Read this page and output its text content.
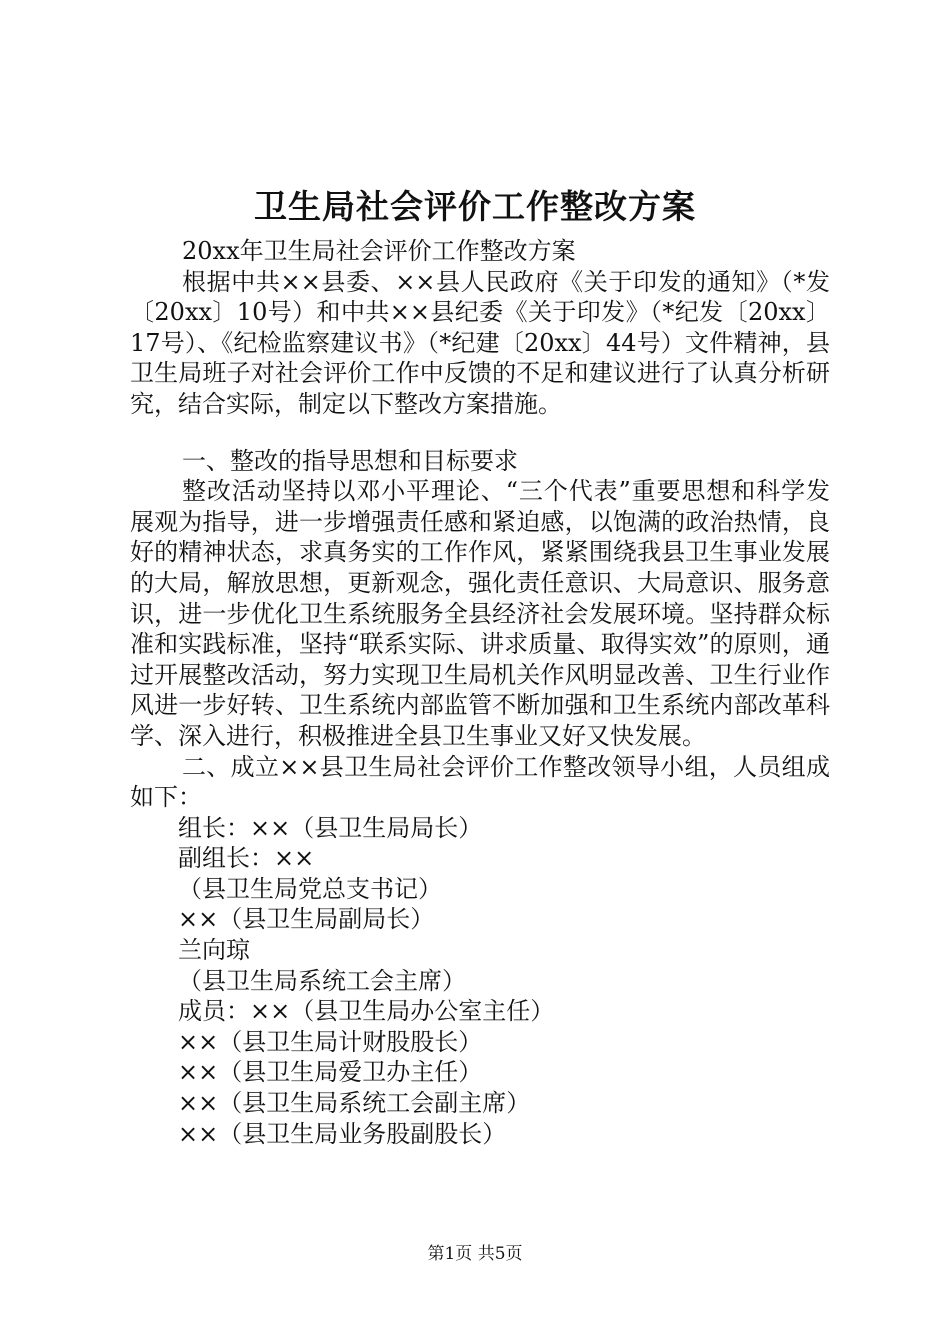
卫生局社会评价工作整改方案

20xx年卫生局社会评价工作整改方案

根据中共××县委、××县人民政府《关于印发的通知》（*发〔20xx〕10号）和中共××县纪委《关于印发》（*纪发〔20xx〕17号）、《纪检监察建议书》（*纪建〔20xx〕44号）文件精神，县卫生局班子对社会评价工作中反馈的不足和建议进行了认真分析研究，结合实际，制定以下整改方案措施。

一、整改的指导思想和目标要求

整改活动坚持以邓小平理论、“三个代表”重要思想和科学发展观为指导，进一步增强责任感和紧迫感，以饱满的政治热情，良好的精神状态，求真务实的工作作风，紧紧围绕我县卫生事业发展的大局，解放思想，更新观念，强化责任意识、大局意识、服务意识，进一步优化卫生系统服务全县经济社会发展环境。坚持群众标准和实践标准，坚持“联系实际、讲求质量、取得实效”的原则，通过开展整改活动，努力实现卫生局机关作风明显改善、卫生行业作风进一步好转、卫生系统内部监管不断加强和卫生系统内部改革科学、深入进行，积极推进全县卫生事业又好又快发展。

二、成立××县卫生局社会评价工作整改领导小组，人员组成如下：

组长：××（县卫生局局长）

副组长：××

（县卫生局党总支书记）

××（县卫生局副局长）

兰向琼

（县卫生局系统工会主席）

成员：××（县卫生局办公室主任）

××（县卫生局计财股股长）

××（县卫生局爱卫办主任）

××（县卫生局系统工会副主席）

××（县卫生局业务股副股长）

第1页 共5页
